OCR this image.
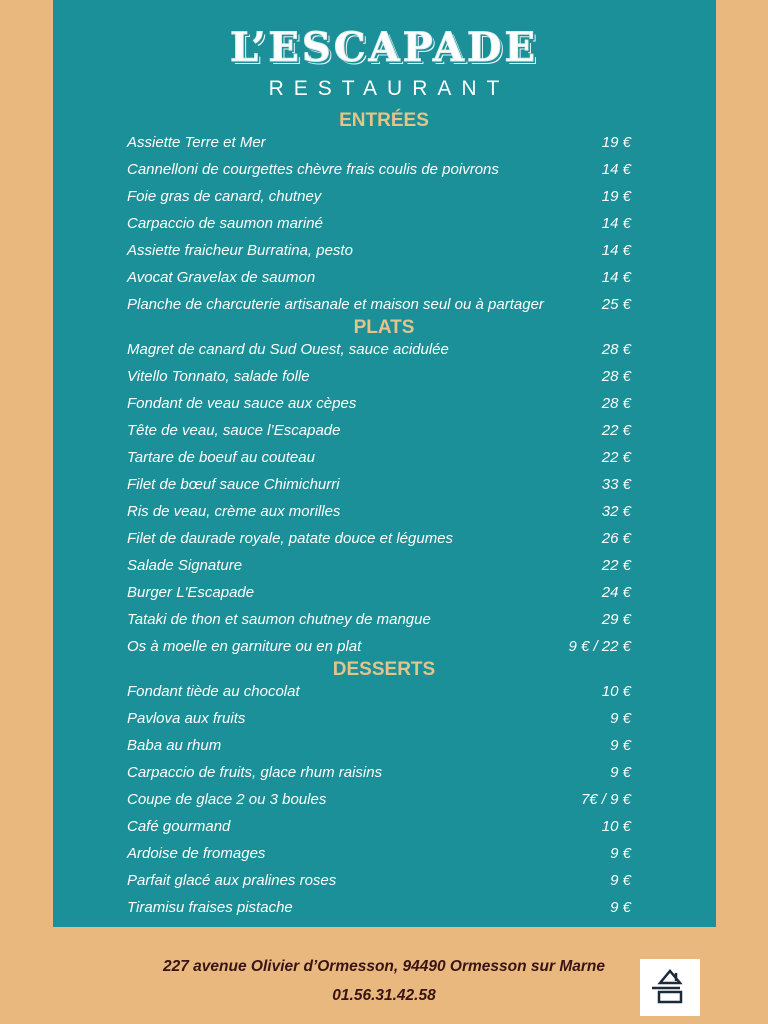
L’ESCAPADE
RESTAURANT
ENTRÉES
Assiette Terre et Mer	19 €
Cannelloni de courgettes chèvre frais coulis de poivrons	14 €
Foie gras de canard, chutney	19 €
Carpaccio de saumon mariné	14 €
Assiette fraicheur Burratina, pesto	14 €
Avocat Gravelax de saumon	14 €
Planche de charcuterie artisanale et maison seul ou à partager	25 €
PLATS
Magret de canard du Sud Ouest, sauce acidulée	28 €
Vitello Tonnato, salade folle	28 €
Fondant de veau sauce aux cèpes	28 €
Tête de veau, sauce l’Escapade	22 €
Tartare de boeuf au couteau	22 €
Filet de bœuf sauce Chimichurri	33 €
Ris de veau, crème aux morilles	32 €
Filet de daurade royale, patate douce et légumes	26 €
Salade Signature	22 €
Burger L'Escapade	24 €
Tataki de thon et saumon chutney de mangue	29 €
Os à moelle en garniture ou en plat	9 € / 22 €
DESSERTS
Fondant tiède au chocolat	10 €
Pavlova aux fruits	9 €
Baba au rhum	9 €
Carpaccio de fruits, glace rhum raisins	9 €
Coupe de glace 2 ou 3 boules	7€ / 9 €
Café gourmand	10 €
Ardoise de fromages	9 €
Parfait glacé aux pralines roses	9 €
Tiramisu fraises pistache	9 €
227 avenue Olivier d’Ormesson, 94490 Ormesson sur Marne
01.56.31.42.58
